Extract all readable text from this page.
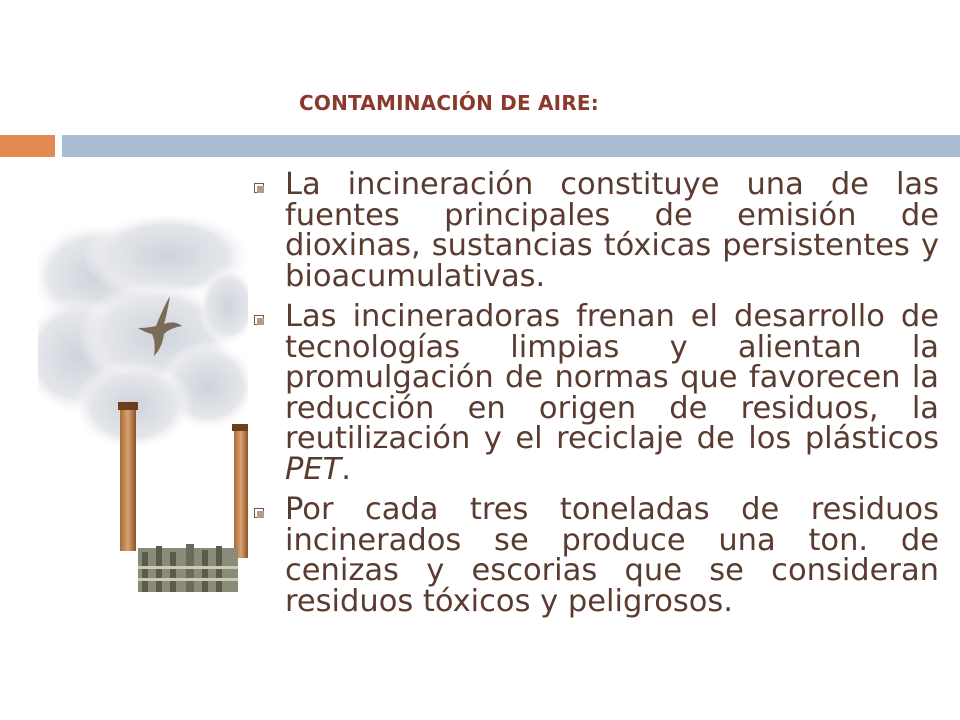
CONTAMINACIÓN DE AIRE:
La incineración constituye una de las fuentes principales de emisión de dioxinas, sustancias tóxicas persistentes y bioacumulativas.
Las incineradoras frenan el desarrollo de tecnologías limpias y alientan la promulgación de normas que favorecen la reducción en origen de residuos, la reutilización y el reciclaje de los plásticos PET.
Por cada tres toneladas de residuos incinerados se produce una ton. de cenizas y escorias que se consideran residuos tóxicos y peligrosos.
